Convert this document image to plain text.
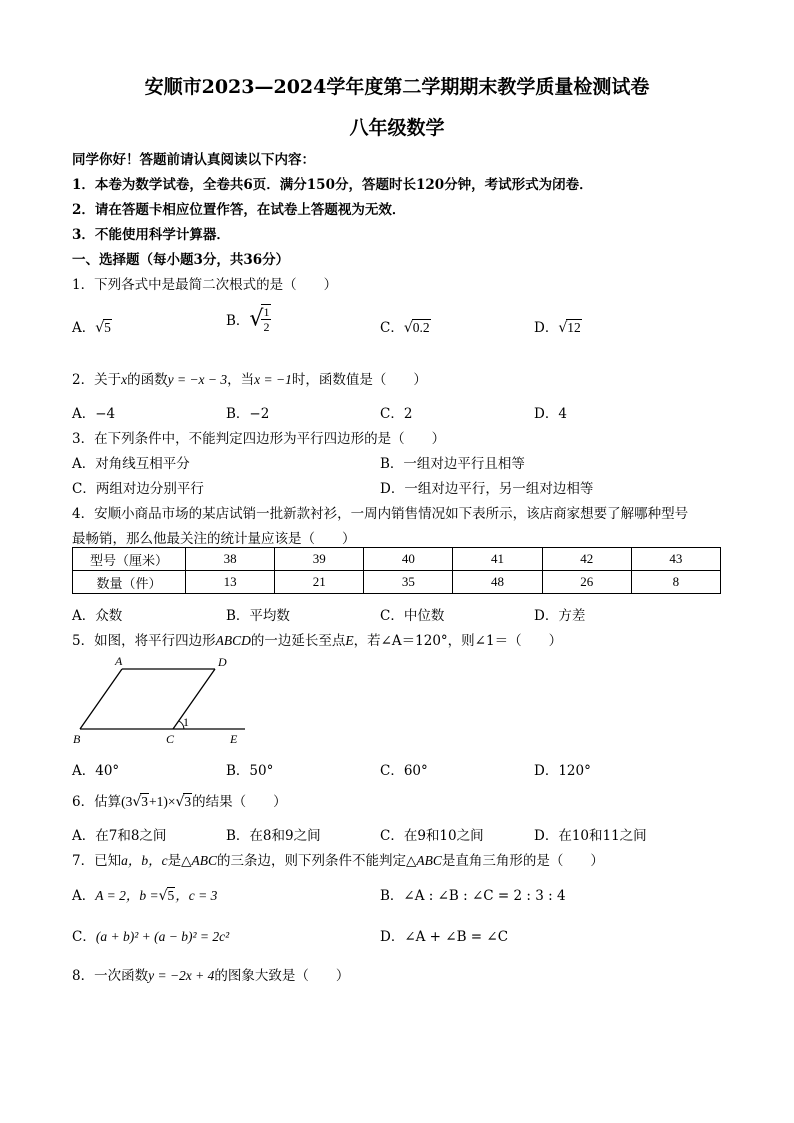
安顺市2023—2024学年度第二学期期末教学质量检测试卷
八年级数学
同学你好！答题前请认真阅读以下内容：
1．本卷为数学试卷，全卷共6页．满分150分，答题时长120分钟，考试形式为闭卷．
2．请在答题卡相应位置作答，在试卷上答题视为无效．
3．不能使用科学计算器．
一、选择题（每小题3分，共36分）
1．下列各式中是最简二次根式的是（　　）
A．√5	B．√
$\frac{1}{2}$	C．√0.2	D．√12
2．关于x的函数y = −x − 3，当x = −1时，函数值是（　　）
A．−4	B．−2	C．2	D．4
3．在下列条件中，不能判定四边形为平行四边形的是（　　）
A．对角线互相平分	B．一组对边平行且相等
C．两组对边分别平行	D．一组对边平行，另一组对边相等
4．安顺小商品市场的某店试销一批新款衬衫，一周内销售情况如下表所示，该店商家想要了解哪种型号
最畅销，那么他最关注的统计量应该是（　　）
型号（厘米）	38	39	40	41	42	43
数量（件）	13	21	35	48	26	8
A．众数	B．平均数	C．中位数	D．方差
5．如图，将平行四边形ABCD的一边延长至点E，若∠A＝120°，则∠1＝（　　）
A	D
B	C	E
1
A．40°	B．50°	C．60°	D．120°
6．估算(3√3+1)×√3的结果（　　）
A．在7和8之间	B．在8和9之间	C．在9和10之间	D．在10和11之间
7．已知a，b，c是△ABC的三条边，则下列条件不能判定△ABC是直角三角形的是（　　）
A．A = 2，b =√5，c = 3	B．∠A : ∠B : ∠C = 2 : 3 : 4
C．(a + b)² + (a − b)² = 2c²	D．∠A + ∠B = ∠C
8．一次函数y = −2x + 4的图象大致是（　　）
